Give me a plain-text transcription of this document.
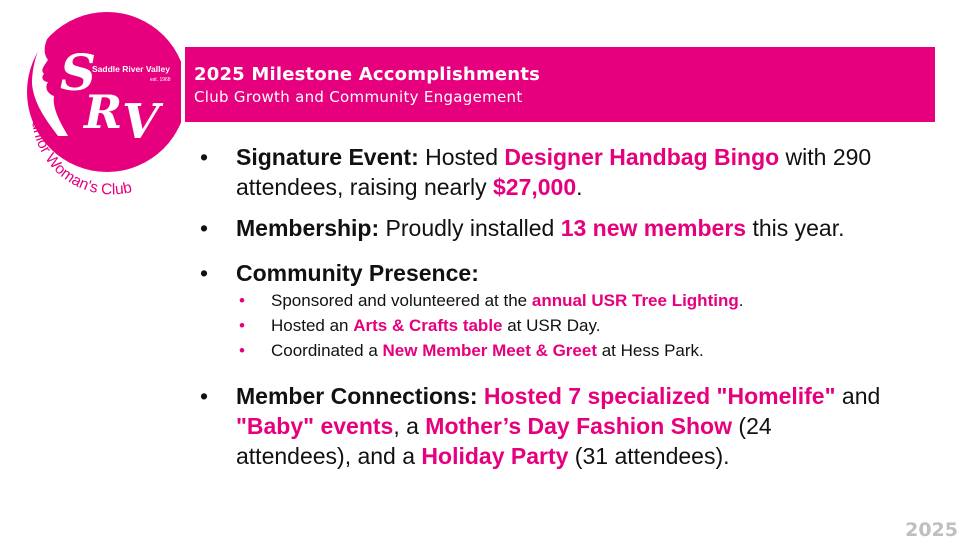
S
Saddle River Valley
est. 1968
R V
Junior Woman's Club
2025 Milestone Accomplishments
Club Growth and Community Engagement
• Signature Event: Hosted Designer Handbag Bingo with 290 attendees, raising nearly $27,000.
• Membership: Proudly installed 13 new members this year.
• Community Presence:
• Sponsored and volunteered at the annual USR Tree Lighting.
• Hosted an Arts & Crafts table at USR Day.
• Coordinated a New Member Meet & Greet at Hess Park.
• Member Connections: Hosted 7 specialized "Homelife" and "Baby" events, a Mother’s Day Fashion Show (24 attendees), and a Holiday Party (31 attendees).
2025
